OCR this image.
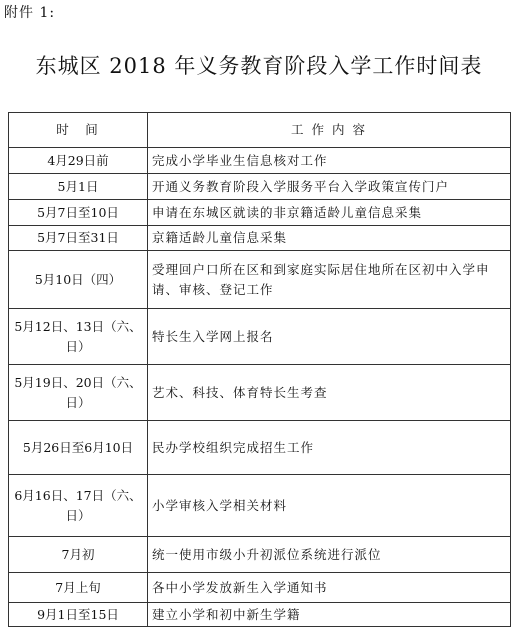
附件 1:
东城区 2018 年义务教育阶段入学工作时间表
时　间	工 作 内 容
4月29日前	完成小学毕业生信息核对工作
5月1日	开通义务教育阶段入学服务平台入学政策宣传门户
5月7日至10日	申请在东城区就读的非京籍适龄儿童信息采集
5月7日至31日	京籍适龄儿童信息采集
5月10日（四）	受理回户口所在区和到家庭实际居住地所在区初中入学申请、审核、登记工作
5月12日、13日（六、日）	特长生入学网上报名
5月19日、20日（六、日）	艺术、科技、体育特长生考查
5月26日至6月10日	民办学校组织完成招生工作
6月16日、17日（六、日）	小学审核入学相关材料
7月初	统一使用市级小升初派位系统进行派位
7月上旬	各中小学发放新生入学通知书
9月1日至15日	建立小学和初中新生学籍
